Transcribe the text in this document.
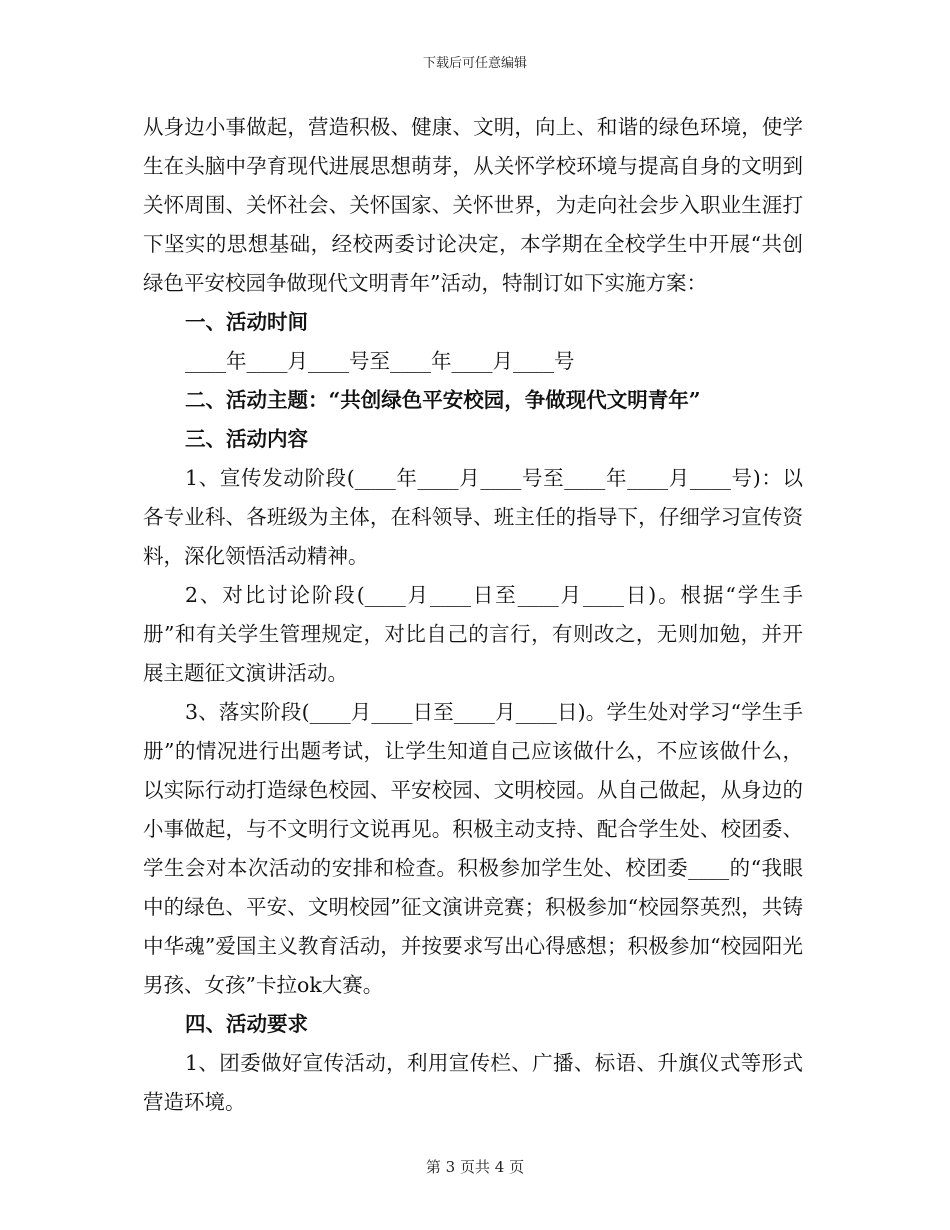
下载后可任意编辑

从身边小事做起，营造积极、健康、文明，向上、和谐的绿色环境，使学生在头脑中孕育现代进展思想萌芽，从关怀学校环境与提高自身的文明到关怀周围、关怀社会、关怀国家、关怀世界，为走向社会步入职业生涯打下坚实的思想基础，经校两委讨论决定，本学期在全校学生中开展“共创绿色平安校园争做现代文明青年”活动，特制订如下实施方案：

一、活动时间

____年____月____号至____年____月____号

二、活动主题：“共创绿色平安校园，争做现代文明青年”

三、活动内容

1、宣传发动阶段(____年____月____号至____年____月____号)：以各专业科、各班级为主体，在科领导、班主任的指导下，仔细学习宣传资料，深化领悟活动精神。

2、对比讨论阶段(____月____日至____月____日)。根据“学生手册”和有关学生管理规定，对比自己的言行，有则改之，无则加勉，并开展主题征文演讲活动。

3、落实阶段(____月____日至____月____日)。学生处对学习“学生手册”的情况进行出题考试，让学生知道自己应该做什么，不应该做什么，以实际行动打造绿色校园、平安校园、文明校园。从自己做起，从身边的小事做起，与不文明行文说再见。积极主动支持、配合学生处、校团委、学生会对本次活动的安排和检查。积极参加学生处、校团委____的“我眼中的绿色、平安、文明校园”征文演讲竞赛；积极参加“校园祭英烈，共铸中华魂”爱国主义教育活动，并按要求写出心得感想；积极参加“校园阳光男孩、女孩”卡拉ok大赛。

四、活动要求

1、团委做好宣传活动，利用宣传栏、广播、标语、升旗仪式等形式营造环境。

第 3 页共 4 页
